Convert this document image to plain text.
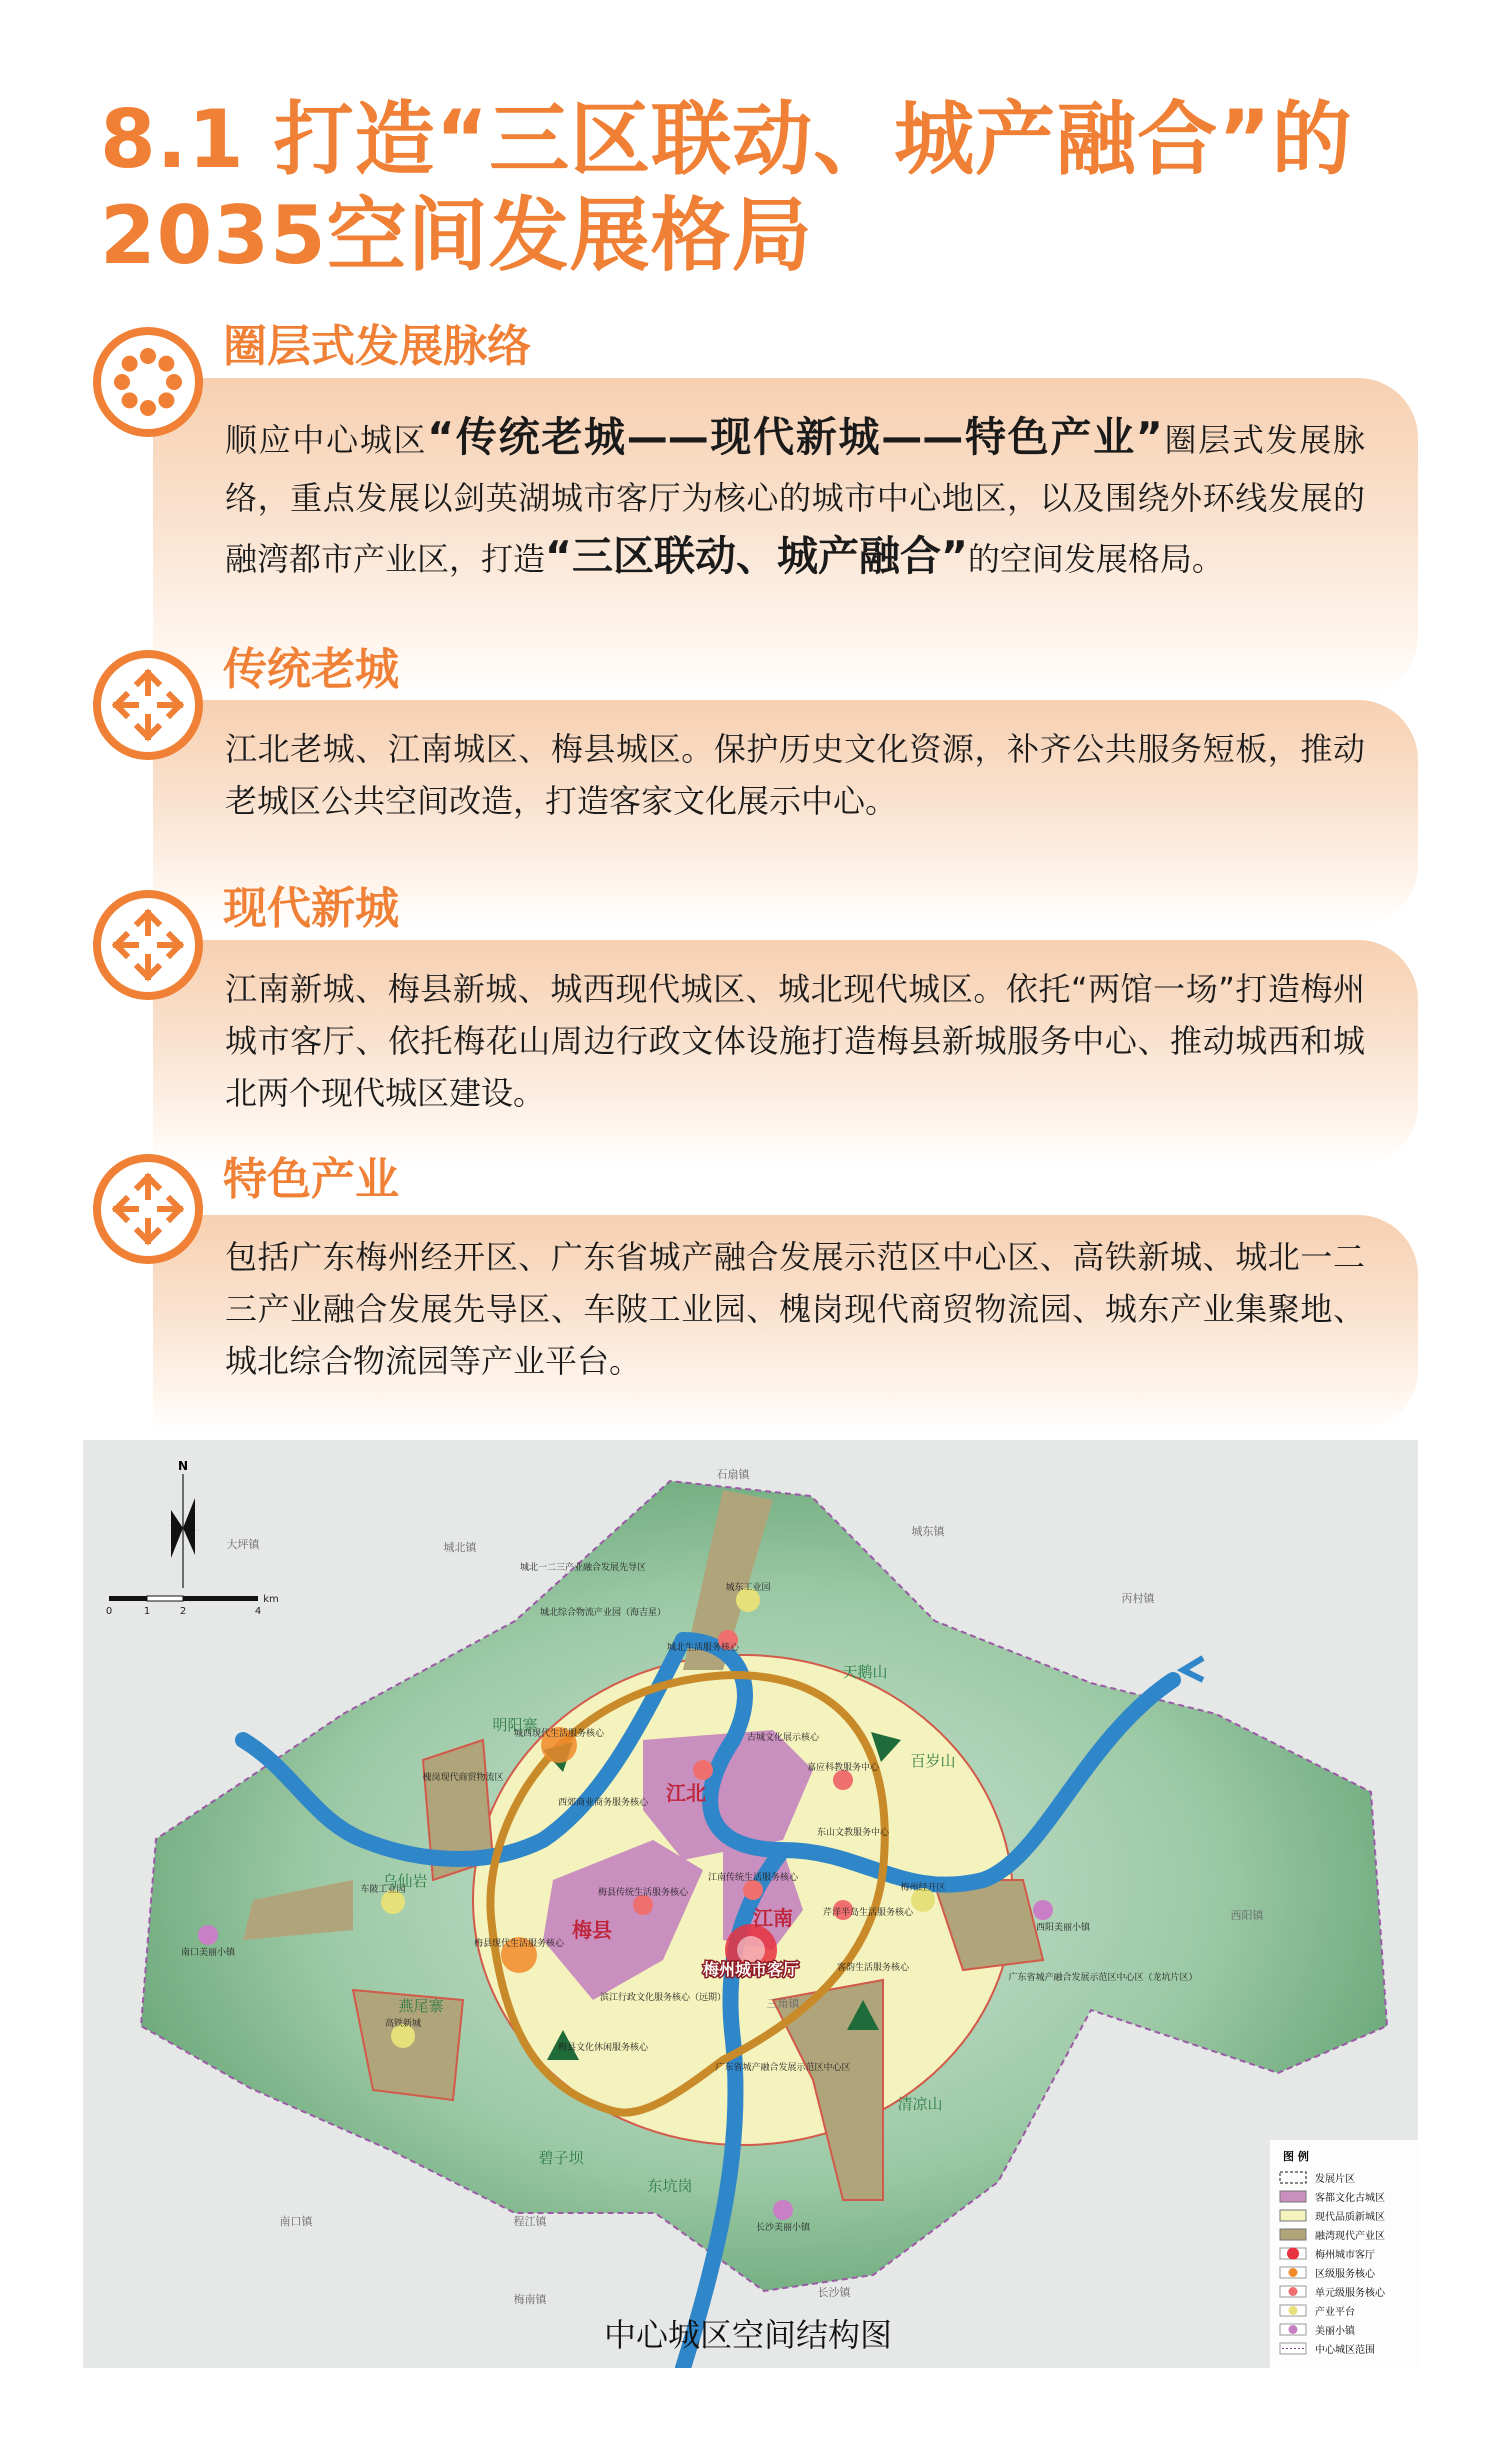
8.1 打造“三区联动、城产融合”的
2035空间发展格局
顺应中心城区“传统老城——现代新城——特色产业”圈层式发展脉络，重点发展以剑英湖城市客厅为核心的城市中心地区，以及围绕外环线发展的融湾都市产业区，打造“三区联动、城产融合”的空间发展格局。
圈层式发展脉络
江北老城、江南城区、梅县城区。保护历史文化资源，补齐公共服务短板，推动老城区公共空间改造，打造客家文化展示中心。
传统老城
江南新城、梅县新城、城西现代城区、城北现代城区。依托“两馆一场”打造梅州城市客厅、依托梅花山周边行政文体设施打造梅县新城服务中心、推动城西和城北两个现代城区建设。
现代新城
包括广东梅州经开区、广东省城产融合发展示范区中心区、高铁新城、城北一二三产业融合发展先导区、车陂工业园、槐岗现代商贸物流园、城东产业集聚地、城北综合物流园等产业平台。
特色产业
江北
梅县	江南
梅州城市客厅
城西现代生活服务核心
梅县现代生活服务核心
古城文化展示核心
城北生活服务核心
西郊商业商务服务核心
梅县传统生活服务核心
江南传统生活服务核心
芹洋半岛生活服务核心
嘉应科教服务中心
东山文教服务中心
客韵生活服务核心
滨江行政文化服务核心（远期）
梅县文化休闲服务核心
城东工业园
城北一二三产业融合发展先导区
城北综合物流产业园（海吉星）
槐岗现代商贸物流区
梅州经开区
高铁新城
车陂工业园
广东省城产融合发展示范区中心区
广东省城产融合发展示范区中心区（龙坑片区）
长沙美丽小镇
南口美丽小镇
西阳美丽小镇
明阳寨
天鹅山
百岁山
乌仙岩
燕尾寨
碧子坝
东坑岗
清凉山
大坪镇	城北镇
石扇镇
城东镇
丙村镇
西阳镇
南口镇	程江镇
梅南镇
长沙镇
三角镇
N
0	1	2	4
km
图 例
发展片区
客都文化古城区
现代品质新城区
融湾现代产业区
梅州城市客厅
区级服务核心
单元级服务核心
产业平台
美丽小镇
中心城区范围
中心城区空间结构图
